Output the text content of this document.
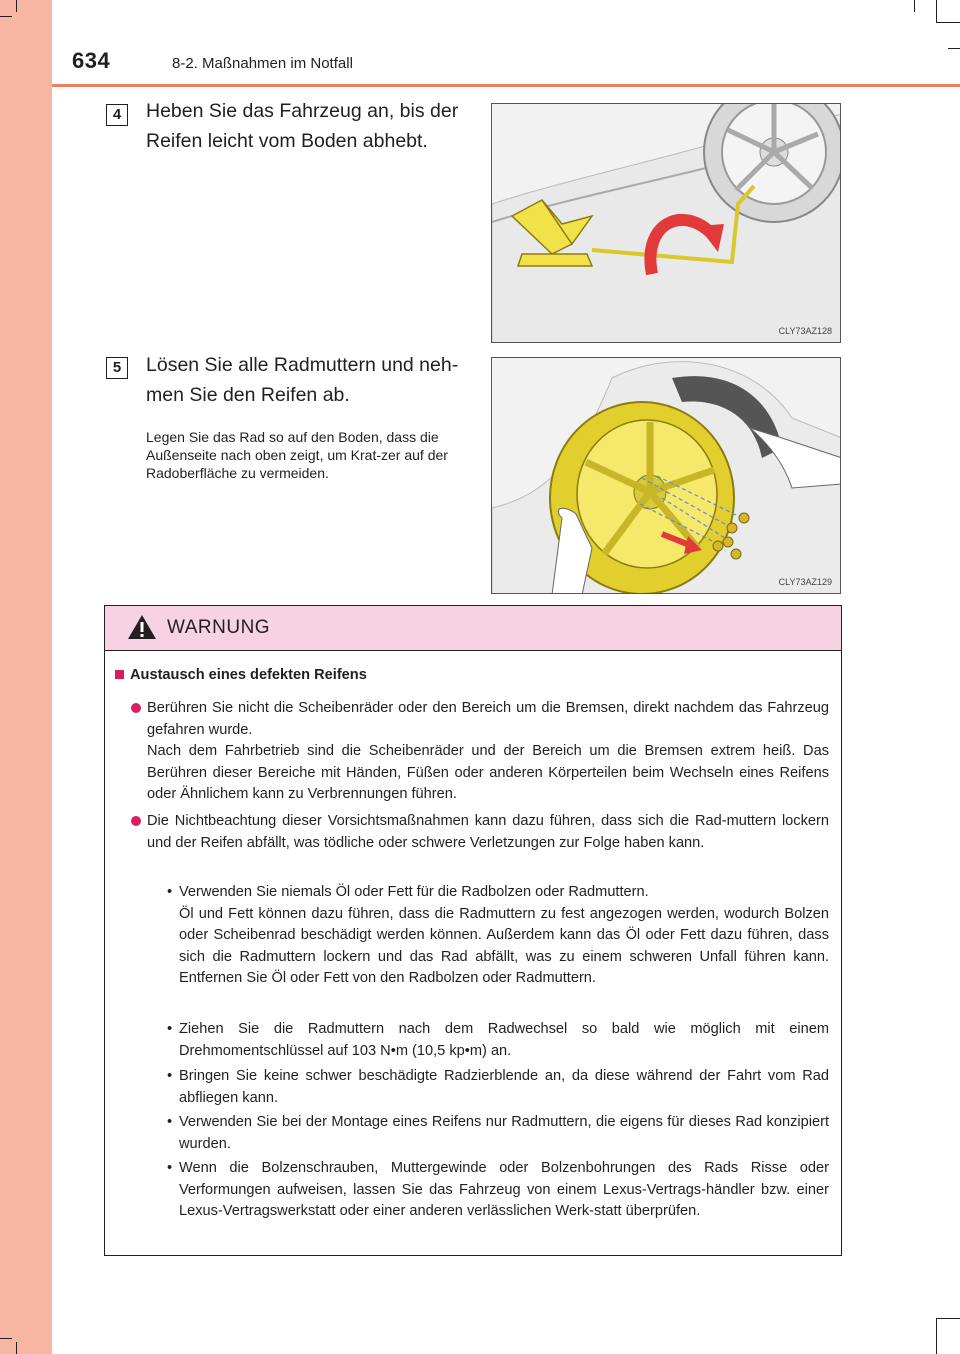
634	8-2. Maßnahmen im Notfall
4	Heben Sie das Fahrzeug an, bis der Reifen leicht vom Boden abhebt.
CLY73AZ128
5	Lösen Sie alle Radmuttern und neh-men Sie den Reifen ab.
Legen Sie das Rad so auf den Boden, dass die Außenseite nach oben zeigt, um Krat-zer auf der Radoberfläche zu vermeiden.
CLY73AZ129
WARNUNG
Austausch eines defekten Reifens

Berühren Sie nicht die Scheibenräder oder den Bereich um die Bremsen, direkt nachdem das Fahrzeug gefahren wurde.

Nach dem Fahrbetrieb sind die Scheibenräder und der Bereich um die Bremsen extrem heiß. Das Berühren dieser Bereiche mit Händen, Füßen oder anderen Körperteilen beim Wechseln eines Reifens oder Ähnlichem kann zu Verbrennungen führen.

Die Nichtbeachtung dieser Vorsichtsmaßnahmen kann dazu führen, dass sich die Rad-muttern lockern und der Reifen abfällt, was tödliche oder schwere Verletzungen zur Folge haben kann.

• Verwenden Sie niemals Öl oder Fett für die Radbolzen oder Radmuttern.

Öl und Fett können dazu führen, dass die Radmuttern zu fest angezogen werden, wodurch Bolzen oder Scheibenrad beschädigt werden können. Außerdem kann das Öl oder Fett dazu führen, dass sich die Radmuttern lockern und das Rad abfällt, was zu einem schweren Unfall führen kann. Entfernen Sie Öl oder Fett von den Radbolzen oder Radmuttern.

• Ziehen Sie die Radmuttern nach dem Radwechsel so bald wie möglich mit einem Drehmomentschlüssel auf 103 N•m (10,5 kp•m) an.

• Bringen Sie keine schwer beschädigte Radzierblende an, da diese während der Fahrt vom Rad abfliegen kann.

• Verwenden Sie bei der Montage eines Reifens nur Radmuttern, die eigens für dieses Rad konzipiert wurden.

• Wenn die Bolzenschrauben, Muttergewinde oder Bolzenbohrungen des Rads Risse oder Verformungen aufweisen, lassen Sie das Fahrzeug von einem Lexus-Vertrags-händler bzw. einer Lexus-Vertragswerkstatt oder einer anderen verlässlichen Werk-statt überprüfen.
